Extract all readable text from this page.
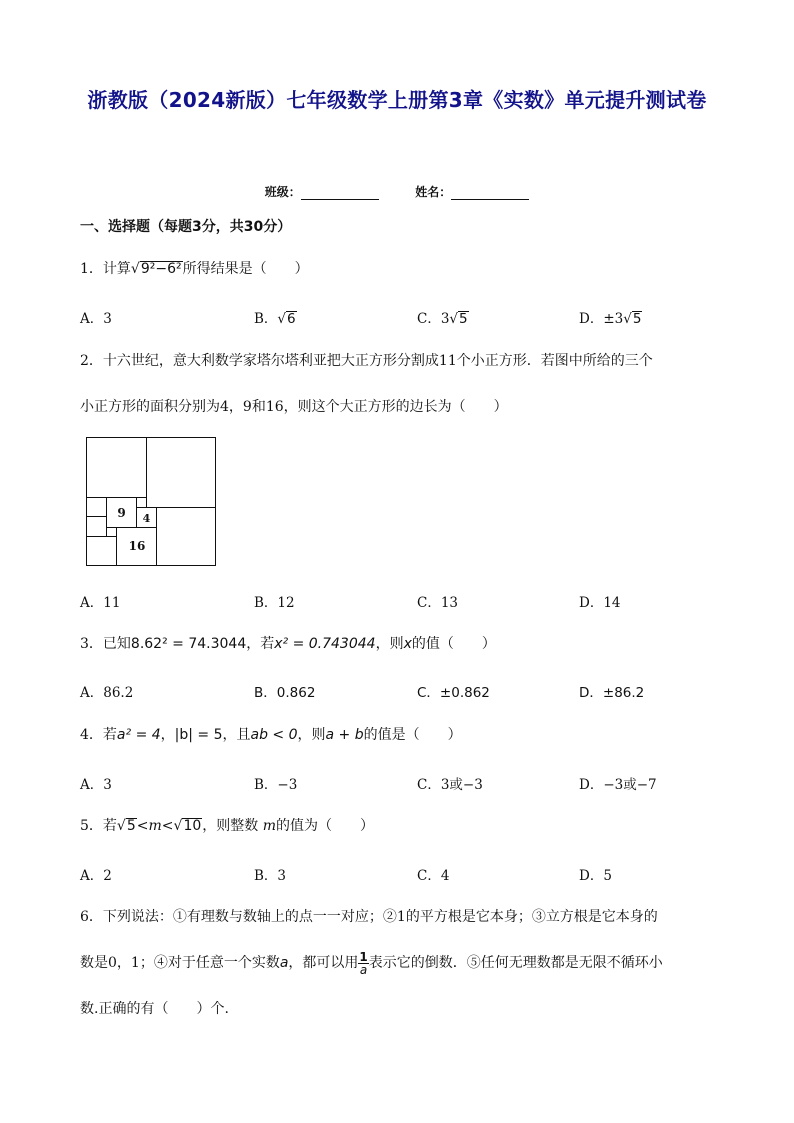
浙教版（2024新版）七年级数学上册第3章《实数》单元提升测试卷
班级：	姓名：
一、选择题（每题3分，共30分）
1．计算√9²−6²所得结果是（　　）
A．3	B．√6	C．3√5	D．±3√5
2．十六世纪，意大利数学家塔尔塔利亚把大正方形分割成11个小正方形．若图中所给的三个
小正方形的面积分别为4，9和16，则这个大正方形的边长为（　　）
9 4
16
A．11	B．12	C．13	D．14
3．已知8.62² = 74.3044，若x² = 0.743044，则x的值（　　）
A．86.2	B．0.862	C．±0.862	D．±86.2
4．若a² = 4，|b| = 5，且ab < 0，则a + b的值是（　　）
A．3	B．−3	C．3或−3	D．−3或−7
5．若√5<m<√10，则整数 m的值为（　　）
A．2	B．3	C．4	D．5
6．下列说法：①有理数与数轴上的点一一对应；②1的平方根是它本身；③立方根是它本身的
数是0，1；④对于任意一个实数a，都可以用 $\frac{1}{a}$ 表示它的倒数．⑤任何无理数都是无限不循环小
数.正确的有（　　）个.
